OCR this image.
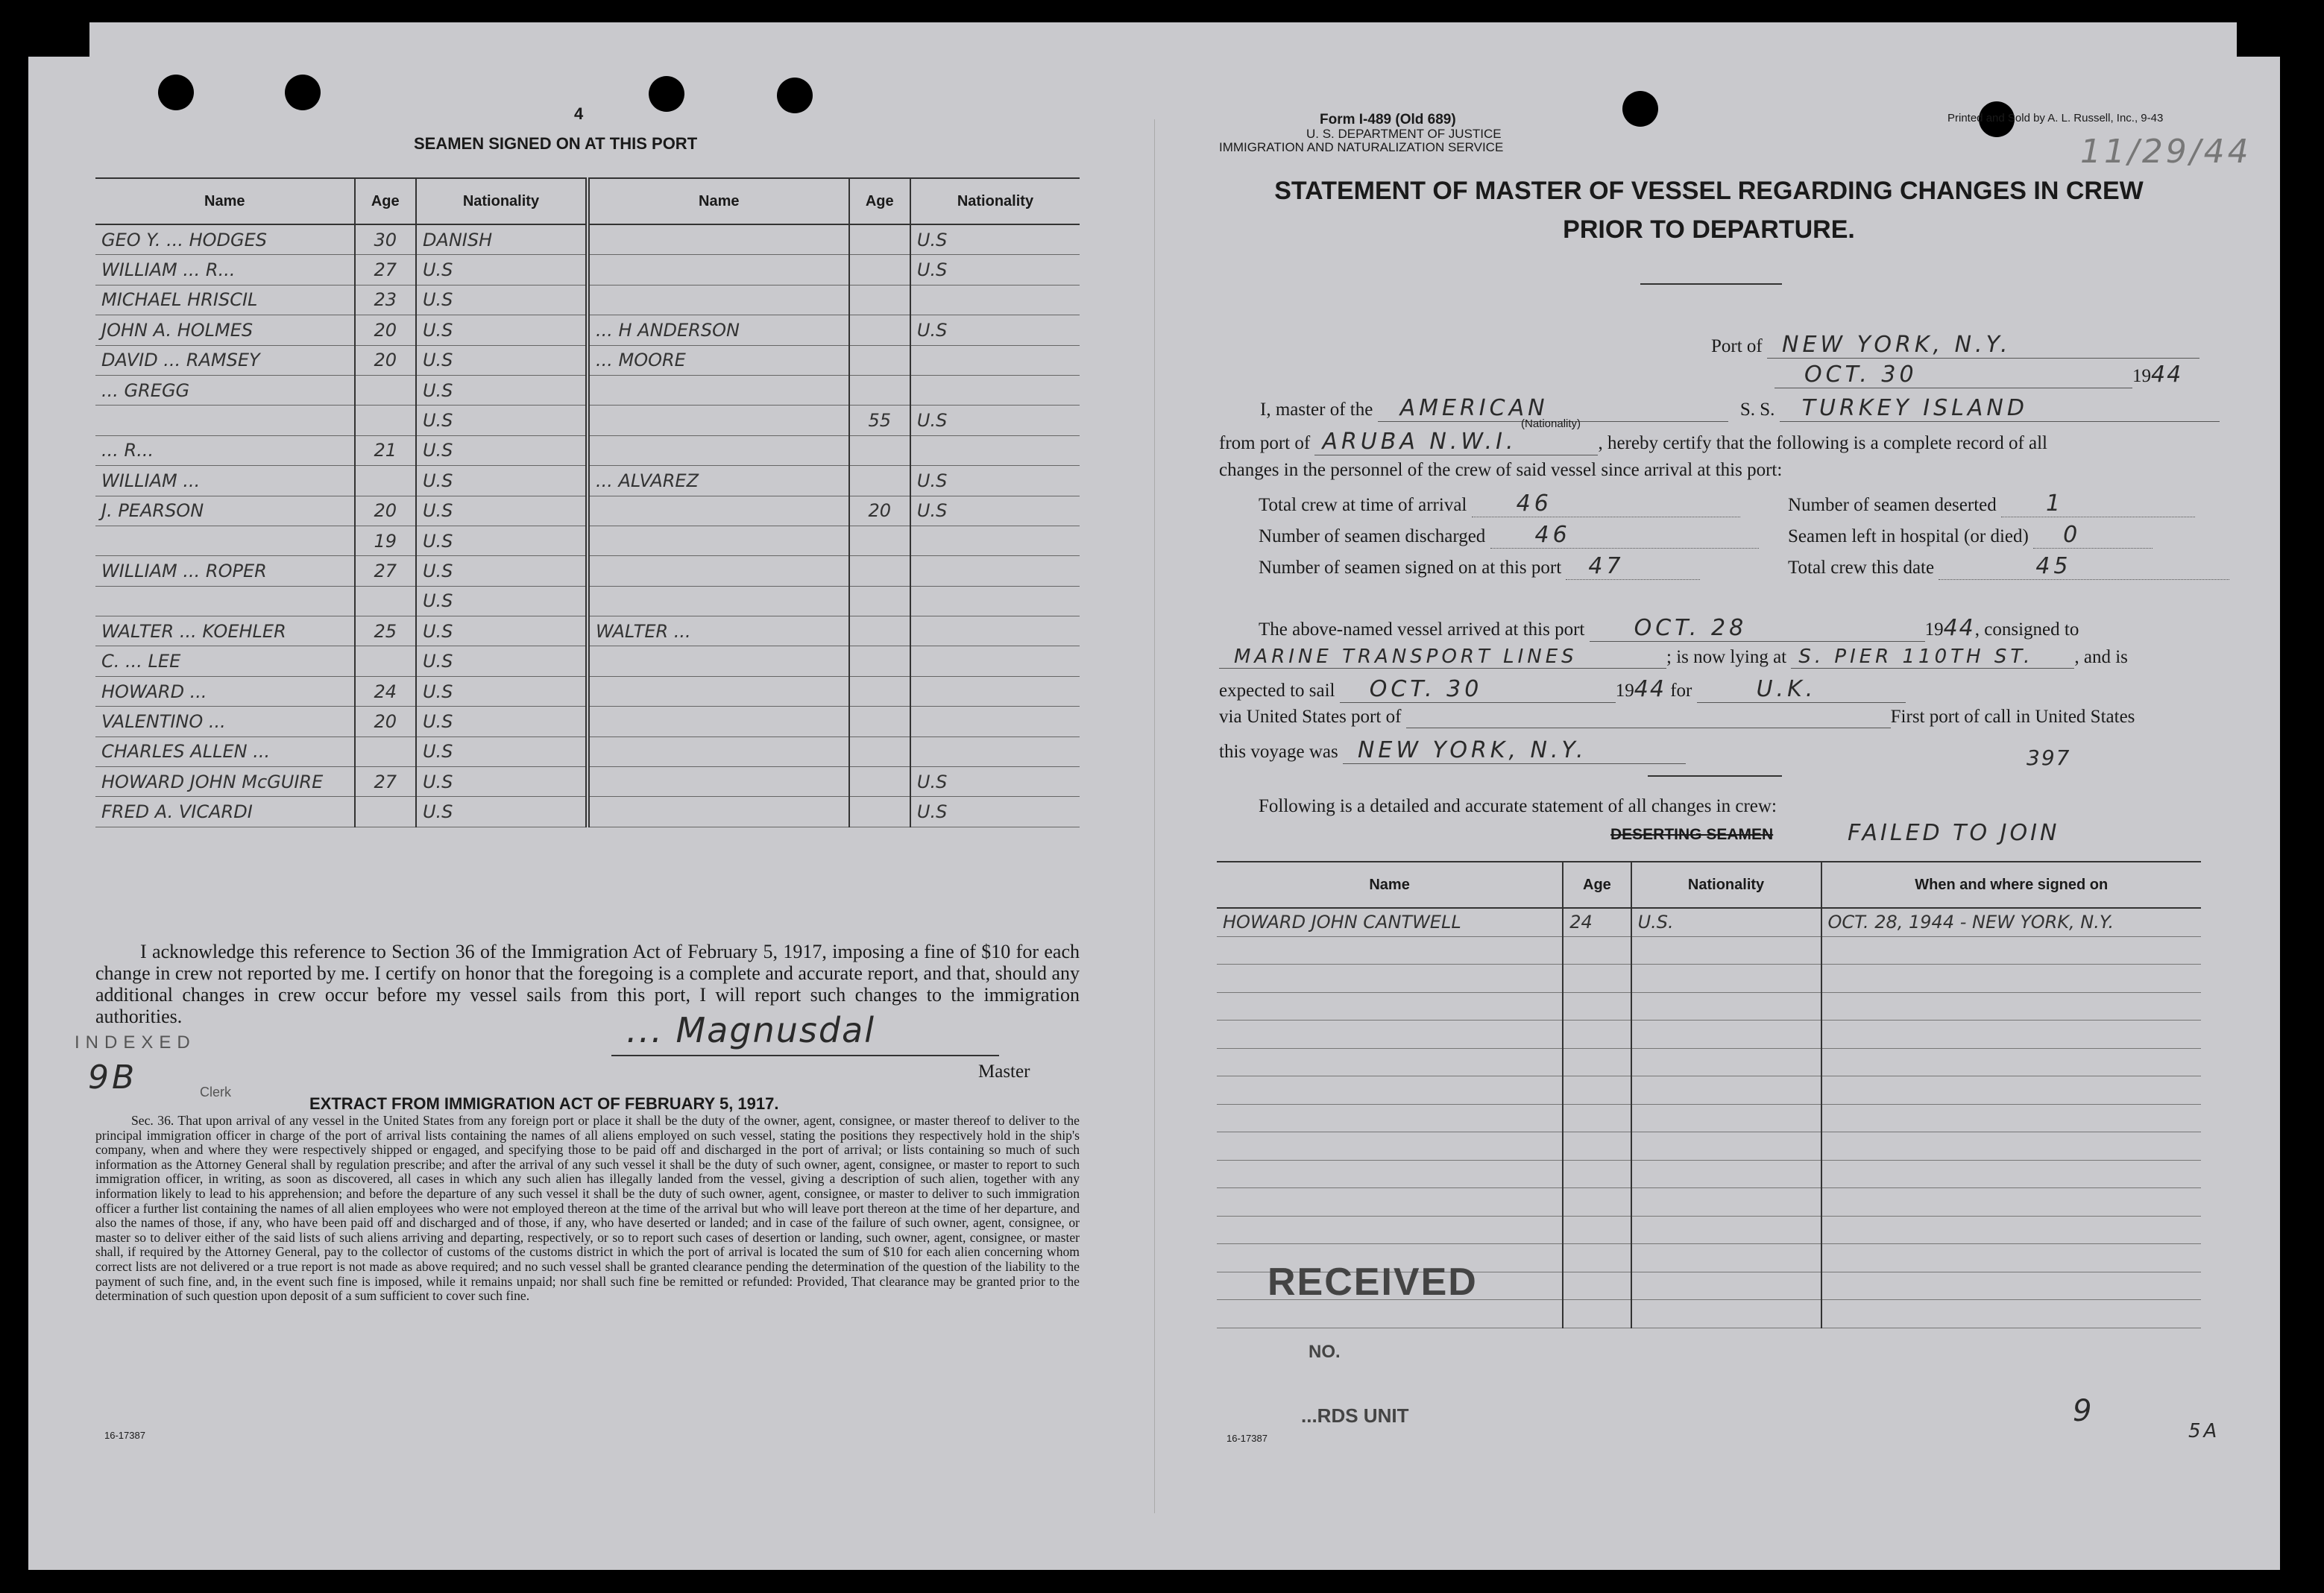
4
SEAMEN SIGNED ON AT THIS PORT
Name	Age	Nationality	Name	Age	Nationality
GEO Y. ... HODGES	30	DANISH			U.S
WILLIAM ... R...	27	U.S			U.S
MICHAEL HRISCIL	23	U.S			
JOHN A. HOLMES	20	U.S	... H ANDERSON		U.S
DAVID ... RAMSEY	20	U.S	... MOORE		
... GREGG		U.S			
		U.S		55	U.S
... R...	21	U.S			
WILLIAM ...		U.S	... ALVAREZ		U.S
J. PEARSON	20	U.S		20	U.S
	19	U.S			
WILLIAM ... ROPER	27	U.S			
		U.S			
WALTER ... KOEHLER	25	U.S	WALTER ...		
C. ... LEE		U.S			
HOWARD ...	24	U.S			
VALENTINO ...	20	U.S			
CHARLES ALLEN ...		U.S			
HOWARD JOHN McGUIRE	27	U.S			U.S
FRED A. VICARDI		U.S			U.S
I acknowledge this reference to Section 36 of the Immigration Act of February 5, 1917, imposing a fine of $10 for each change in crew not reported by me. I certify on honor that the foregoing is a complete and accurate report, and that, should any additional changes in crew occur before my vessel sails from this port, I will report such changes to the immigration authorities.
INDEXED
9B	Clerk
... Magnusdal
Master
EXTRACT FROM IMMIGRATION ACT OF FEBRUARY 5, 1917.
Sec. 36. That upon arrival of any vessel in the United States from any foreign port or place it shall be the duty of the owner, agent, consignee, or master thereof to deliver to the principal immigration officer in charge of the port of arrival lists containing the names of all aliens employed on such vessel, stating the positions they respectively hold in the ship's company, when and where they were respectively shipped or engaged, and specifying those to be paid off and discharged in the port of arrival; or lists containing so much of such information as the Attorney General shall by regulation prescribe; and after the arrival of any such vessel it shall be the duty of such owner, agent, consignee, or master to report to such immigration officer, in writing, as soon as discovered, all cases in which any such alien has illegally landed from the vessel, giving a description of such alien, together with any information likely to lead to his apprehension; and before the departure of any such vessel it shall be the duty of such owner, agent, consignee, or master to deliver to such immigration officer a further list containing the names of all alien employees who were not employed thereon at the time of the arrival but who will leave port thereon at the time of her departure, and also the names of those, if any, who have been paid off and discharged and of those, if any, who have deserted or landed; and in case of the failure of such owner, agent, consignee, or master so to deliver either of the said lists of such aliens arriving and departing, respectively, or so to report such cases of desertion or landing, such owner, agent, consignee, or master shall, if required by the Attorney General, pay to the collector of customs of the customs district in which the port of arrival is located the sum of $10 for each alien concerning whom correct lists are not delivered or a true report is not made as above required; and no such vessel shall be granted clearance pending the determination of the question of the liability to the payment of such fine, and, in the event such fine is imposed, while it remains unpaid; nor shall such fine be remitted or refunded: Provided, That clearance may be granted prior to the determination of such question upon deposit of a sum sufficient to cover such fine.
16-17387
Form I-489 (Old 689)
U. S. DEPARTMENT OF JUSTICE
IMMIGRATION AND NATURALIZATION SERVICE
Printed and Sold by A. L. Russell, Inc., 9-43
11/29/44
STATEMENT OF MASTER OF VESSEL REGARDING CHANGES IN CREW
PRIOR TO DEPARTURE.
Port of NEW YORK, N.Y.
OCT. 30	1944
I, master of the AMERICAN	S. S. TURKEY ISLAND
(Nationality)
from port of ARUBA N.W.I.	, hereby certify that the following is a complete record of all
changes in the personnel of the crew of said vessel since arrival at this port:
Total crew at time of arrival 46
Number of seamen discharged 46
Number of seamen signed on at this port 47
Number of seamen deserted 1
Seamen left in hospital (or died) 0
Total crew this date	45
The above-named vessel arrived at this port OCT. 28	1944, consigned to
MARINE TRANSPORT LINES	; is now lying at S. PIER 110TH ST. , and is
expected to sail OCT. 30	1944 for	U.K.
via United States port of	First port of call in United States
this voyage was NEW YORK, N.Y.	397
Following is a detailed and accurate statement of all changes in crew:
DESERTING SEAMEN	FAILED TO JOIN
Name	Age	Nationality	When and where signed on
HOWARD JOHN CANTWELL	24	U.S.	OCT. 28, 1944 - NEW YORK, N.Y.

RECEIVED
NO.
...RDS UNIT	9
16-17387	5A
